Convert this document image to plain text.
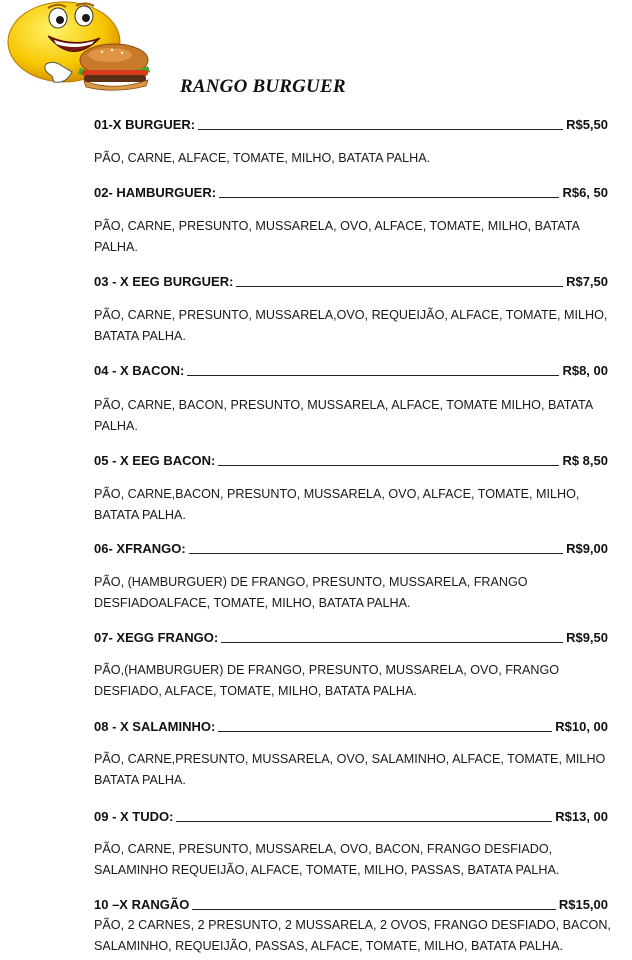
RANGO BURGUER
01-X BURGUER:	R$5,50
PÃO, CARNE, ALFACE, TOMATE, MILHO, BATATA PALHA.
02- HAMBURGUER:	R$6, 50
PÃO, CARNE, PRESUNTO, MUSSARELA, OVO, ALFACE, TOMATE, MILHO, BATATA PALHA.
03 - X EEG BURGUER:	R$7,50
PÃO, CARNE, PRESUNTO, MUSSARELA,OVO, REQUEIJÃO, ALFACE, TOMATE, MILHO, BATATA PALHA.
04 - X BACON:	R$8, 00
PÃO, CARNE, BACON, PRESUNTO, MUSSARELA, ALFACE, TOMATE MILHO, BATATA PALHA.
05 - X EEG BACON:	R$ 8,50
PÃO, CARNE,BACON, PRESUNTO, MUSSARELA, OVO, ALFACE, TOMATE, MILHO, BATATA PALHA.
06- XFRANGO:	R$9,00
PÃO, (HAMBURGUER) DE FRANGO, PRESUNTO, MUSSARELA, FRANGO DESFIADOALFACE, TOMATE, MILHO, BATATA PALHA.
07- XEGG FRANGO:	R$9,50
PÃO,(HAMBURGUER) DE FRANGO, PRESUNTO, MUSSARELA, OVO, FRANGO DESFIADO, ALFACE, TOMATE, MILHO, BATATA PALHA.
08 - X SALAMINHO:	R$10, 00
PÃO, CARNE,PRESUNTO, MUSSARELA, OVO, SALAMINHO, ALFACE, TOMATE, MILHO BATATA PALHA.
09 - X TUDO:	R$13, 00
PÃO, CARNE, PRESUNTO, MUSSARELA, OVO, BACON, FRANGO DESFIADO, SALAMINHO REQUEIJÃO, ALFACE, TOMATE, MILHO, PASSAS, BATATA PALHA.
10 –X RANGÃO	R$15,00
PÃO, 2 CARNES, 2 PRESUNTO, 2 MUSSARELA, 2 OVOS, FRANGO DESFIADO, BACON, SALAMINHO, REQUEIJÃO, PASSAS, ALFACE, TOMATE, MILHO, BATATA PALHA.
